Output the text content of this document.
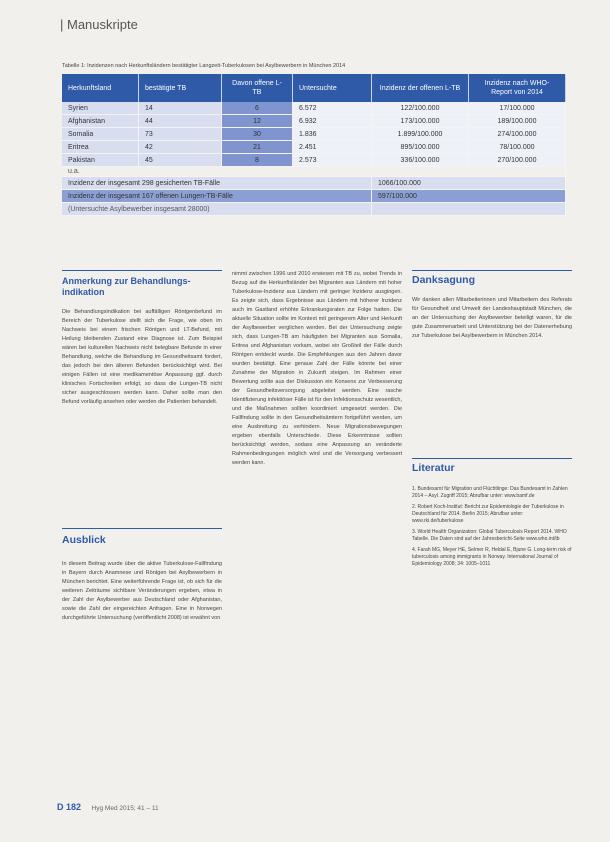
| Manuskripte
Tabelle 1: Inzidenzen nach Herkunftsländern bestätigter Langzeit-Tuberkulosen bei Asylbewerbern in München 2014
Herkunftsland	bestätigte TB	Davon offene L-TB	Untersuchte	Inzidenz der offenen L-TB	Inzidenz nach WHO-Report von 2014
Syrien	14	6	6.572	122/100.000	17/100.000
Afghanistan	44	12	6.932	173/100.000	189/100.000
Somalia	73	30	1.836	1.899/100.000	274/100.000
Eritrea	42	21	2.451	895/100.000	78/100.000
Pakistan	45	8	2.573	336/100.000	270/100.000
u.a.					
Inzidenz der insgesamt 298 gesicherten TB-Fälle				1066/100.000	
Inzidenz der insgesamt 167 offenen Lungen-TB-Fälle				597/100.000	
(Untersuchte Asylbewerber insgesamt 28000)					
Anmerkung zur Behandlungs-indikation
Die Behandlungsindikation bei auffälligen Röntgenbefund im Bereich der Tuberkulose stellt sich die Frage, wie oben im Nachweis bei einem frischen Röntgen und LT-Befund, mit Heilung bleibenden Zustand eine Diagnose ist. Zum Beispiel wären bei kulturellen Nachweis nicht belegbare Befunde in einer Behandlung, welche die Behandlung im Gesundheitsamt fordert, das jedoch bei den älteren Befunden berücksichtigt wird. Bei einigen Fällen ist eine medikamentöse Anpassung ggf. durch klinisches Fortschreiten erfolgt, so dass die Lungen-TB nicht sicher ausgeschlossen werden kann. Daher sollte man den Befund vorläufig ansehen oder werden die Patienten behandelt.
Ausblick
In diesem Beitrag wurde über die aktive Tuberkulose-Fallfindung in Bayern durch Anamnese und Röntgen bei Asylbewerbern in München berichtet. Eine weiterführende Frage ist, ob sich für die weiteren Zeiträume sichtbare Veränderungen ergeben, etwa in der Zahl der Asylbewerber aus Deutschland oder Afghanistan, sowie die Zahl der eingereichten Anfragen. Eine in Norwegen durchgeführte Untersuchung (veröffentlicht 2008) ist erwähnt von
nimmt zwischen 1996 und 2010 erwiesen mit TB zu, wobei Trends in Bezug auf die Herkunftsländer bei Migranten aus Ländern mit hoher Tuberkulose-Inzidenz aus Ländern mit geringer Inzidenz ausgingen. Es zeigte sich, dass Ergebnisse aus Ländern mit höherer Inzidenz auch im Gastland erhöhte Erkrankungsraten zur Folge hatten. Die aktuelle Situation sollte im Kontext mit geringerem Alter und Herkunft der Asylbewerber verglichen werden. Bei der Untersuchung zeigte sich, dass Lungen-TB am häufigsten bei Migranten aus Somalia, Eritrea und Afghanistan vorkam, wobei ein Großteil der Fälle durch Röntgen entdeckt wurde. Die Empfehlungen aus den Jahren davor wurden bestätigt. Eine genaue Zahl der Fälle könnte bei einer Zunahme der Migration in Zukunft steigen. Im Rahmen einer Bewertung sollte aus der Diskussion ein Konsens zur Verbesserung der Gesundheitsversorgung abgeleitet werden. Eine rasche Identifizierung infektiöser Fälle ist für den Infektionsschutz wesentlich, und die Maßnahmen sollten koordiniert umgesetzt werden. Die Fallfindung sollte in den Gesundheitsämtern fortgeführt werden, um eine Ausbreitung zu verhindern. Neue Migrationsbewegungen ergeben ebenfalls Unterschiede. Diese Erkenntnisse sollten berücksichtigt werden, sodass eine Anpassung an veränderte Rahmenbedingungen möglich wird und die Versorgung verbessert werden kann.
Danksagung
Wir danken allen Mitarbeiterinnen und Mitarbeitern des Referats für Gesundheit und Umwelt der Landeshauptstadt München, die an der Untersuchung der Asylbewerber beteiligt waren, für die gute Zusammenarbeit und Unterstützung bei der Datenerhebung zur Tuberkulose bei Asylbewerbern in München 2014.
Literatur
1. Bundesamt für Migration und Flüchtlinge: Das Bundesamt in Zahlen 2014 – Asyl. Zugriff 2015; Abrufbar unter: www.bamf.de
2. Robert Koch-Institut: Bericht zur Epidemiologie der Tuberkulose in Deutschland für 2014. Berlin 2015; Abrufbar unter: www.rki.de/tuberkulose
3. World Health Organization: Global Tuberculosis Report 2014. WHO Tabelle. Die Daten sind auf der Jahresbericht-Seite www.who.int/tb
4. Farah MG, Meyer HE, Selmer R, Heldal E, Bjune G. Long-term risk of tuberculosis among immigrants in Norway. International Journal of Epidemiology 2008; 34: 1005–1011
D 182 Hyg Med 2015; 41 – 11
